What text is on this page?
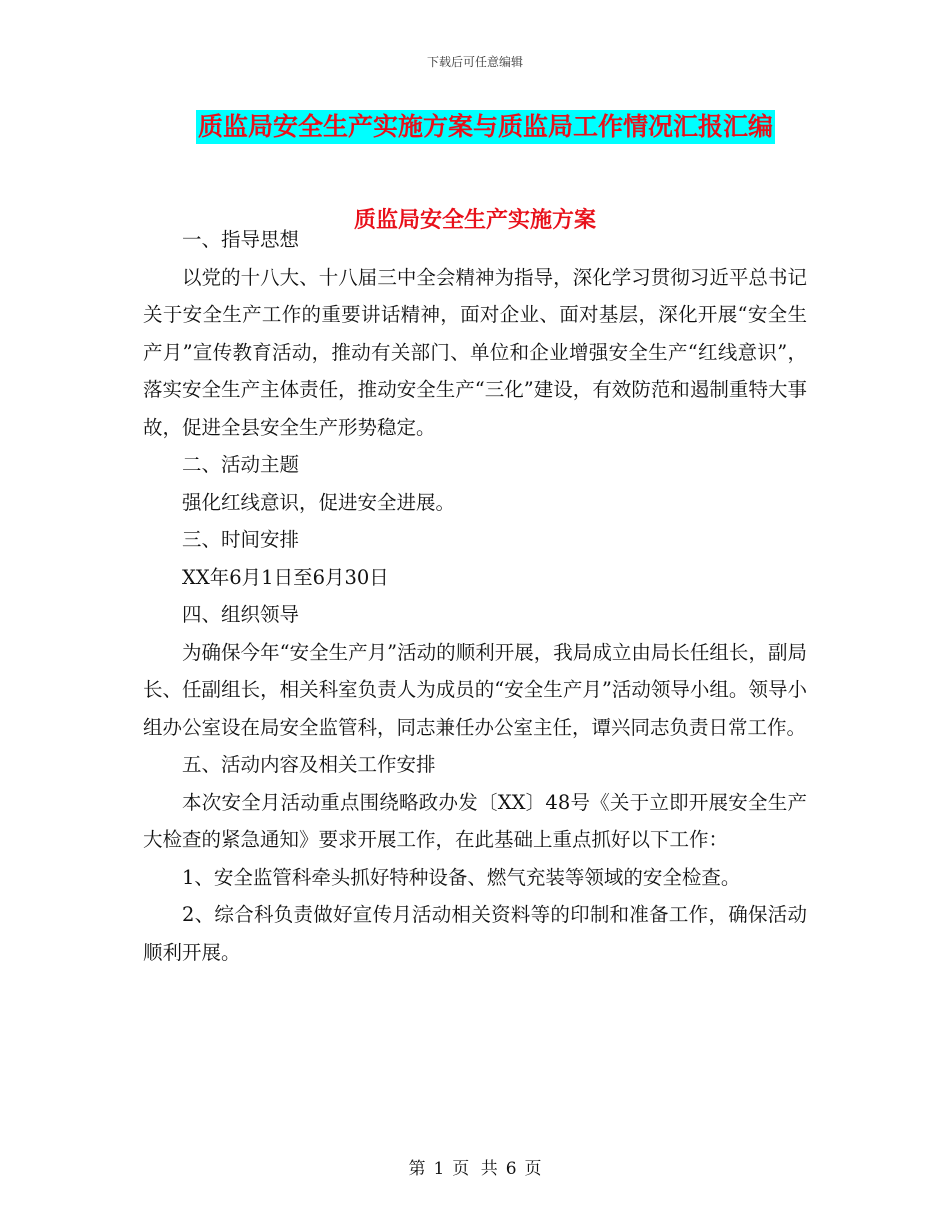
下载后可任意编辑
质监局安全生产实施方案与质监局工作情况汇报汇编
质监局安全生产实施方案

一、指导思想

以党的十八大、十八届三中全会精神为指导，深化学习贯彻习近平总书记关于安全生产工作的重要讲话精神，面对企业、面对基层，深化开展“安全生产月”宣传教育活动，推动有关部门、单位和企业增强安全生产“红线意识”，落实安全生产主体责任，推动安全生产“三化”建设，有效防范和遏制重特大事故，促进全县安全生产形势稳定。

二、活动主题

强化红线意识，促进安全进展。

三、时间安排

XX年6月1日至6月30日

四、组织领导

为确保今年“安全生产月”活动的顺利开展，我局成立由局长任组长，副局长、任副组长，相关科室负责人为成员的“安全生产月”活动领导小组。领导小组办公室设在局安全监管科，同志兼任办公室主任，谭兴同志负责日常工作。

五、活动内容及相关工作安排

本次安全月活动重点围绕略政办发〔XX〕48号《关于立即开展安全生产大检查的紧急通知》要求开展工作，在此基础上重点抓好以下工作：

1、安全监管科牵头抓好特种设备、燃气充装等领域的安全检查。

2、综合科负责做好宣传月活动相关资料等的印制和准备工作，确保活动顺利开展。

第 1 页 共 6 页
